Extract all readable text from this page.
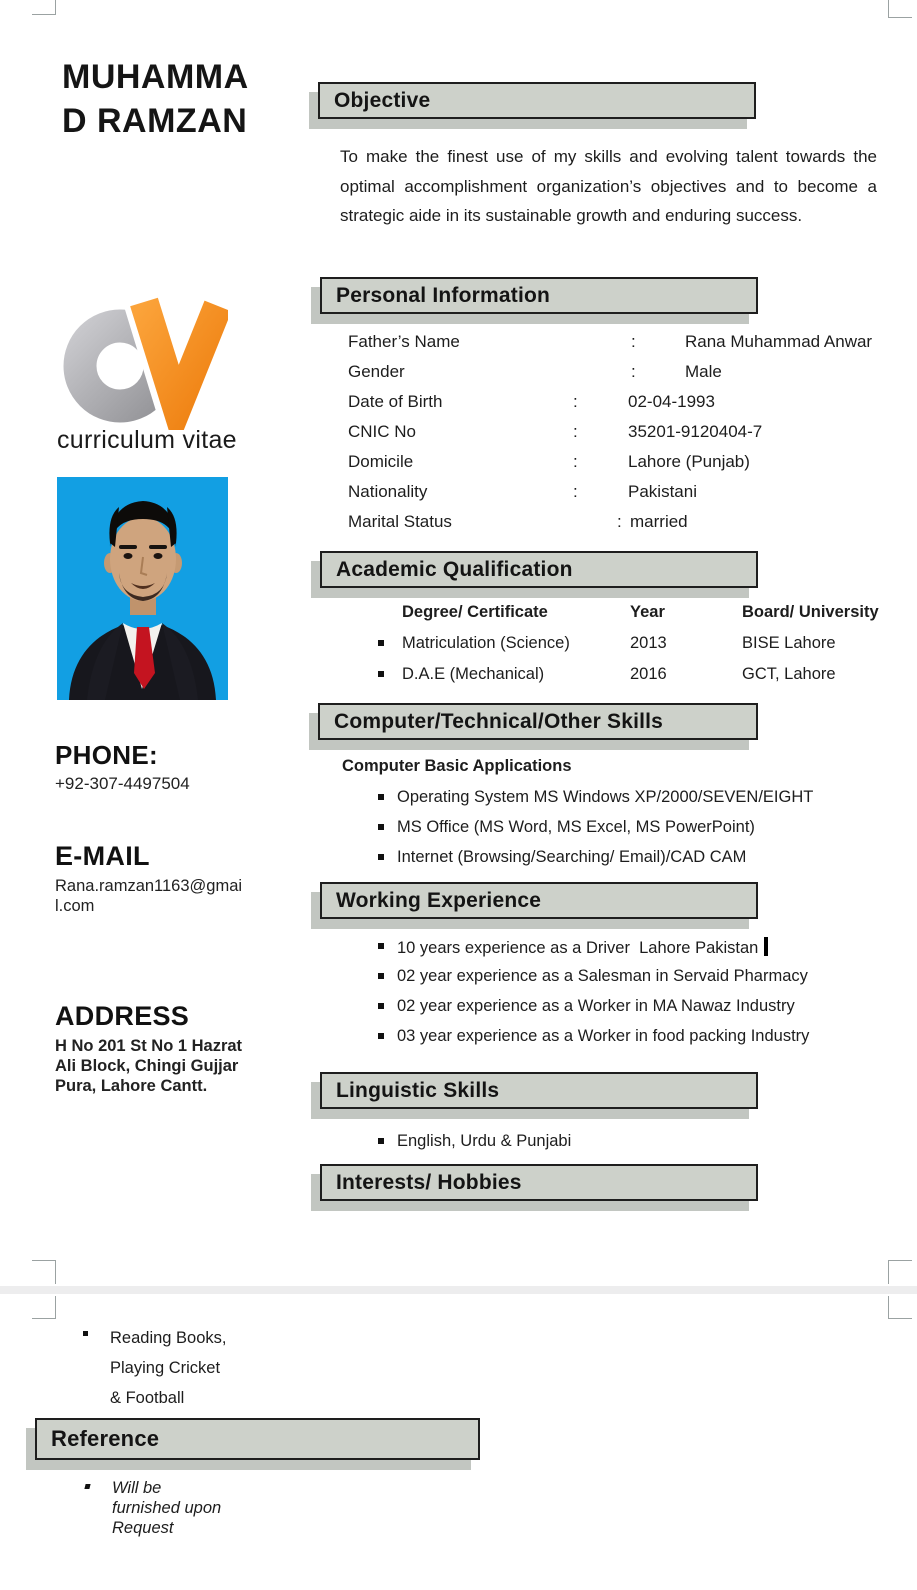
MUHAMMA
D RAMZAN
curriculum vitae
PHONE:
+92-307-4497504
E-MAIL
Rana.ramzan1163@gmail.com
ADDRESS
H No 201 St No 1 Hazrat Ali Block, Chingi Gujjar Pura, Lahore Cantt.
Objective
To make the finest use of my skills and evolving talent towards the optimal accomplishment organization’s objectives and to become a strategic aide in its sustainable growth and enduring success.
Personal Information
Father’s Name	:	Rana Muhammad Anwar
Gender	:	Male
Date of Birth	:	02-04-1993
CNIC No	:	35201-9120404-7
Domicile	:	Lahore (Punjab)
Nationality	:	Pakistani
Marital Status	: married
Academic Qualification
Degree/ Certificate	Year	Board/ University
Matriculation (Science)	2013	BISE Lahore
D.A.E (Mechanical)	2016	GCT, Lahore
Computer/Technical/Other Skills
Computer Basic Applications

Operating System MS Windows XP/2000/SEVEN/EIGHT

MS Office (MS Word, MS Excel, MS PowerPoint)

Internet (Browsing/Searching/ Email)/CAD CAM

Working Experience

10 years experience as a Driver  Lahore Pakistan

02 year experience as a Salesman in Servaid Pharmacy

02 year experience as a Worker in MA Nawaz Industry

03 year experience as a Worker in food packing Industry

Linguistic Skills

English, Urdu & Punjabi

Interests/ Hobbies
Reading Books,
Playing Cricket
& Football
Reference
Will be
furnished upon
Request
